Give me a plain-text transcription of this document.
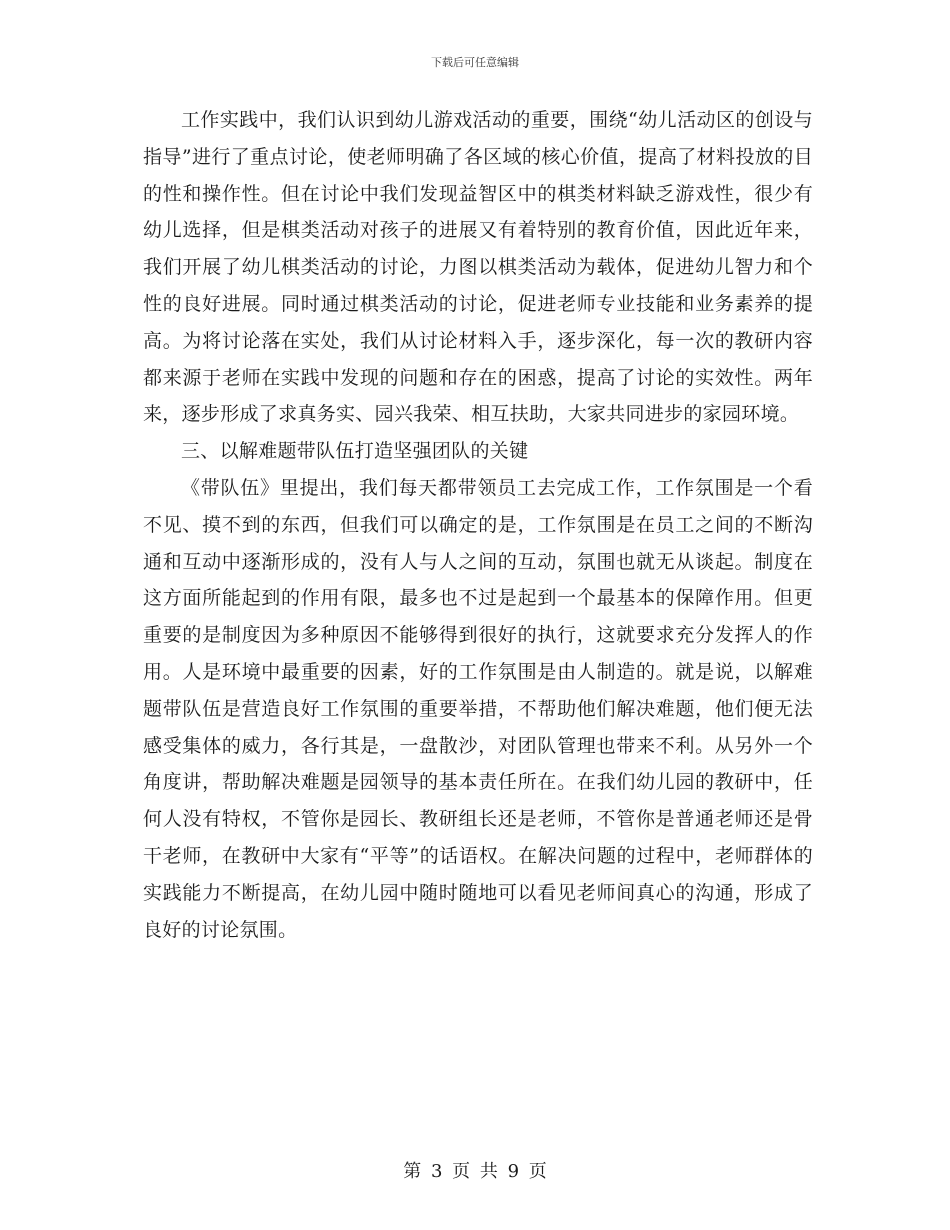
下载后可任意编辑

工作实践中，我们认识到幼儿游戏活动的重要，围绕“幼儿活动区的创设与指导”进行了重点讨论，使老师明确了各区域的核心价值，提高了材料投放的目的性和操作性。但在讨论中我们发现益智区中的棋类材料缺乏游戏性，很少有幼儿选择，但是棋类活动对孩子的进展又有着特别的教育价值，因此近年来，我们开展了幼儿棋类活动的讨论，力图以棋类活动为载体，促进幼儿智力和个性的良好进展。同时通过棋类活动的讨论，促进老师专业技能和业务素养的提高。为将讨论落在实处，我们从讨论材料入手，逐步深化，每一次的教研内容都来源于老师在实践中发现的问题和存在的困惑，提高了讨论的实效性。两年来，逐步形成了求真务实、园兴我荣、相互扶助，大家共同进步的家园环境。

三、以解难题带队伍打造坚强团队的关键

《带队伍》里提出，我们每天都带领员工去完成工作，工作氛围是一个看不见、摸不到的东西，但我们可以确定的是，工作氛围是在员工之间的不断沟通和互动中逐渐形成的，没有人与人之间的互动，氛围也就无从谈起。制度在这方面所能起到的作用有限，最多也不过是起到一个最基本的保障作用。但更重要的是制度因为多种原因不能够得到很好的执行，这就要求充分发挥人的作用。人是环境中最重要的因素，好的工作氛围是由人制造的。就是说，以解难题带队伍是营造良好工作氛围的重要举措，不帮助他们解决难题，他们便无法感受集体的威力，各行其是，一盘散沙，对团队管理也带来不利。从另外一个角度讲，帮助解决难题是园领导的基本责任所在。在我们幼儿园的教研中，任何人没有特权，不管你是园长、教研组长还是老师，不管你是普通老师还是骨干老师，在教研中大家有“平等”的话语权。在解决问题的过程中，老师群体的实践能力不断提高，在幼儿园中随时随地可以看见老师间真心的沟通，形成了良好的讨论氛围。

第 3 页 共 9 页
